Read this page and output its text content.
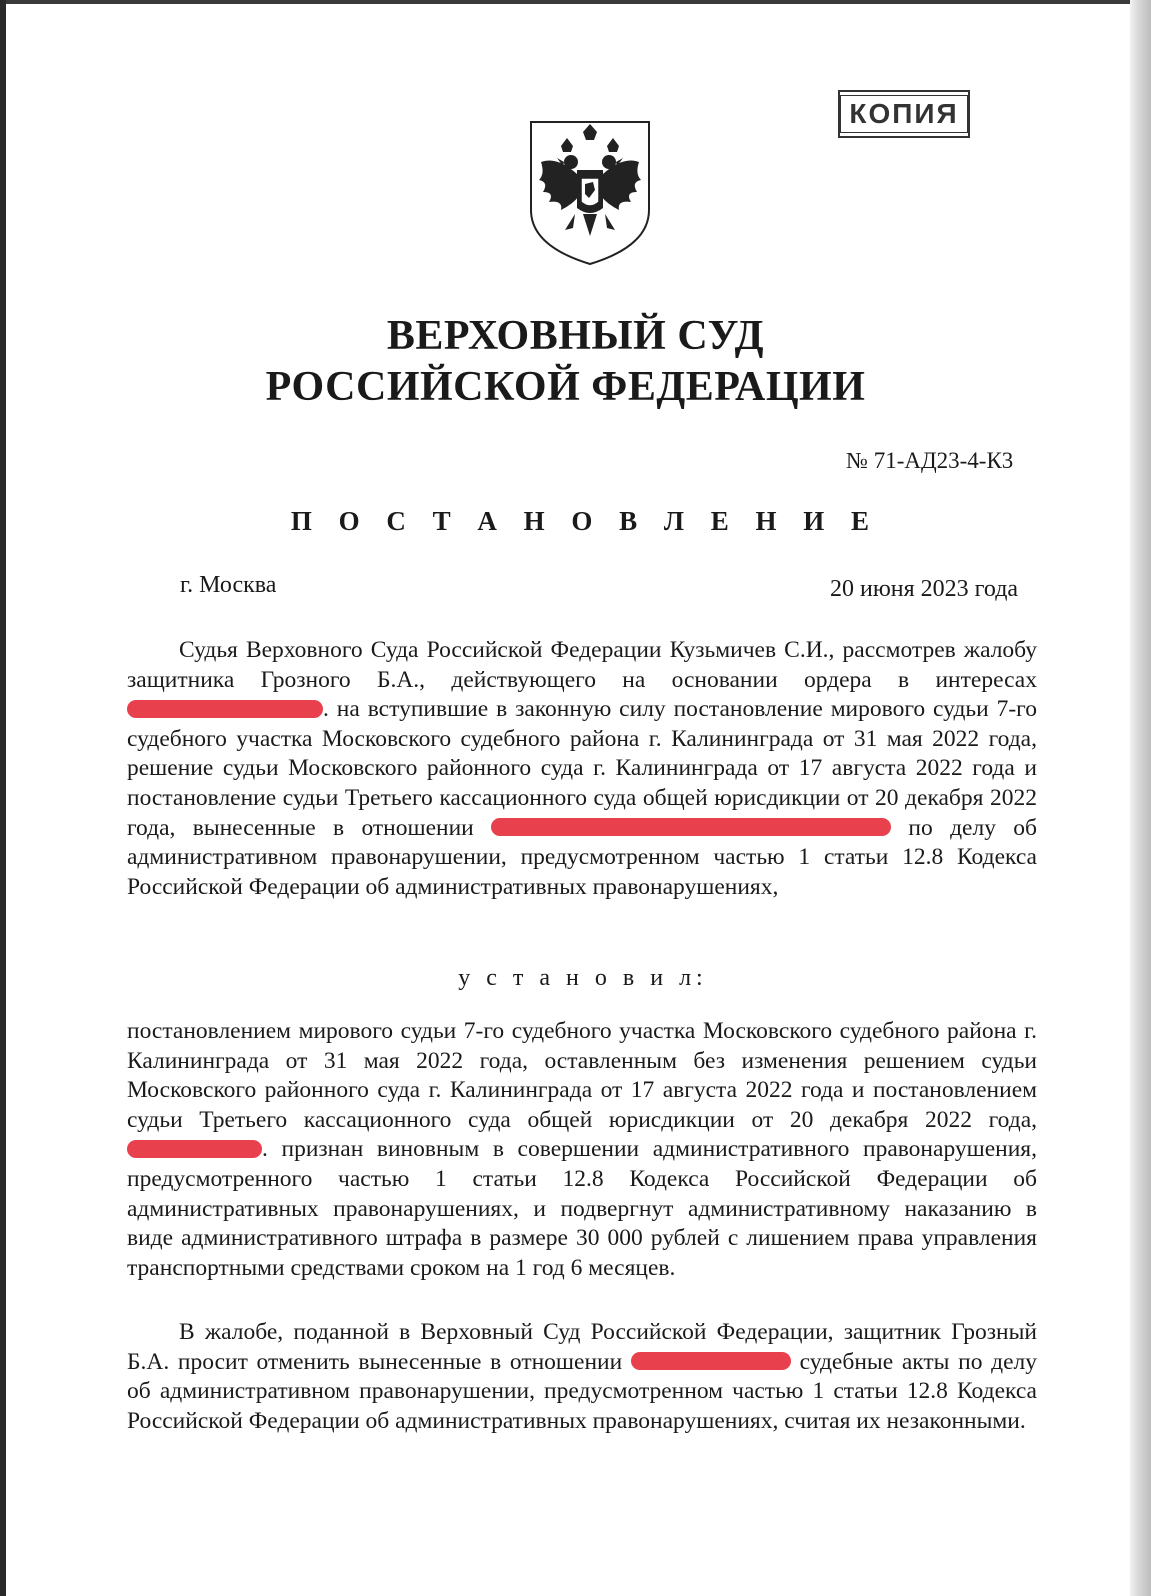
КОПИЯ
ВЕРХОВНЫЙ СУД
РОССИЙСКОЙ ФЕДЕРАЦИИ
№ 71-АД23-4-К3
П О С Т А Н О В Л Е Н И Е
г. Москва	20 июня 2023 года
Судья Верховного Суда Российской Федерации Кузьмичев С.И., рассмотрев жалобу защитника Грозного Б.А., действующего на основании ордера в интересах . на вступившие в законную силу постановление мирового судьи 7-го судебного участка Московского судебного района г. Калининграда от 31 мая 2022 года, решение судьи Московского районного суда г. Калининграда от 17 августа 2022 года и постановление судьи Третьего кассационного суда общей юрисдикции от 20 декабря 2022 года, вынесенные в отношении	по делу об административном правонарушении, предусмотренном частью 1 статьи 12.8 Кодекса Российской Федерации об административных правонарушениях,
у с т а н о в и л:
постановлением мирового судьи 7-го судебного участка Московского судебного района г. Калининграда от 31 мая 2022 года, оставленным без изменения решением судьи Московского районного суда г. Калининграда от 17 августа 2022 года и постановлением судьи Третьего кассационного суда общей юрисдикции от 20 декабря 2022 года, . признан виновным в совершении административного правонарушения, предусмотренного частью 1 статьи 12.8 Кодекса Российской Федерации об административных правонарушениях, и подвергнут административному наказанию в виде административного штрафа в размере 30 000 рублей с лишением права управления транспортными средствами сроком на 1 год 6 месяцев.
В жалобе, поданной в Верховный Суд Российской Федерации, защитник Грозный Б.А. просит отменить вынесенные в отношении	судебные акты по делу об административном правонарушении, предусмотренном частью 1 статьи 12.8 Кодекса Российской Федерации об административных правонарушениях, считая их незаконными.
